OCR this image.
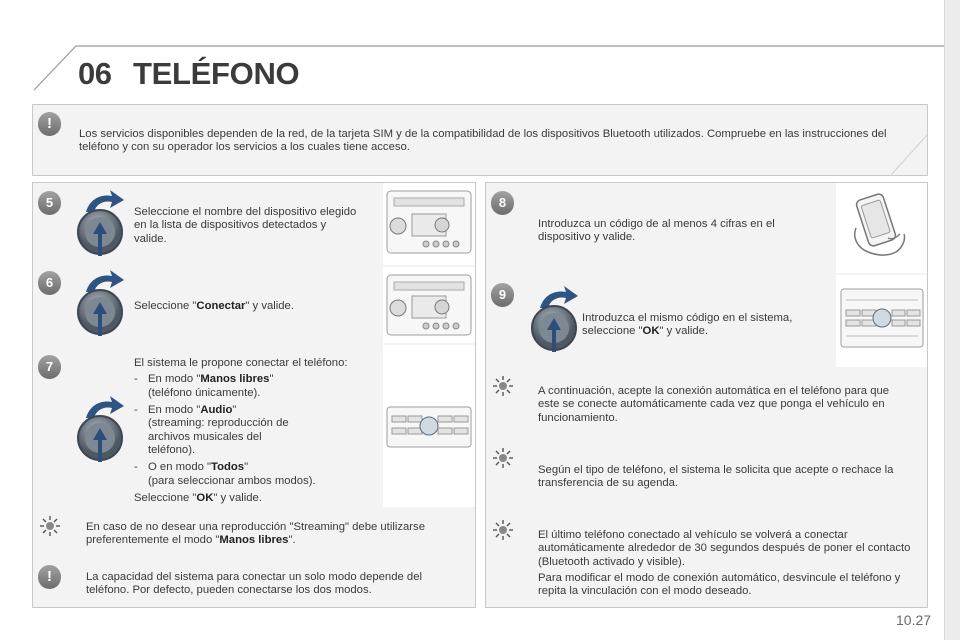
06 TELÉFONO
!
Los servicios disponibles dependen de la red, de la tarjeta SIM y de la compatibilidad de los dispositivos Bluetooth utilizados. Compruebe en las instrucciones del teléfono y con su operador los servicios a los cuales tiene acceso.
5
Seleccione el nombre del dispositivo elegido en la lista de dispositivos detectados y valide.
6
Seleccione "Conectar" y valide.
7	El sistema le propone conectar el teléfono:

- En modo "Manos libres"
(teléfono únicamente).
- En modo "Audio"
(streaming: reproducción de archivos musicales del teléfono).
- O en modo "Todos"
(para seleccionar ambos modos).

Seleccione "OK" y valide.

En caso de no desear una reproducción "Streaming" debe utilizarse preferentemente el modo "Manos libres".
!	La capacidad del sistema para conectar un solo modo depende del teléfono. Por defecto, pueden conectarse los dos modos.
8
Introduzca un código de al menos 4 cifras en el dispositivo y valide.
9
Introduzca el mismo código en el sistema, seleccione "OK" y valide.
A continuación, acepte la conexión automática en el teléfono para que este se conecte automáticamente cada vez que ponga el vehículo en funcionamiento.
Según el tipo de teléfono, el sistema le solicita que acepte o rechace la transferencia de su agenda.

El último teléfono conectado al vehículo se volverá a conectar automáticamente alrededor de 30 segundos después de poner el contacto (Bluetooth activado y visible).

Para modificar el modo de conexión automático, desvincule el teléfono y repita la vinculación con el modo deseado.

10.27
